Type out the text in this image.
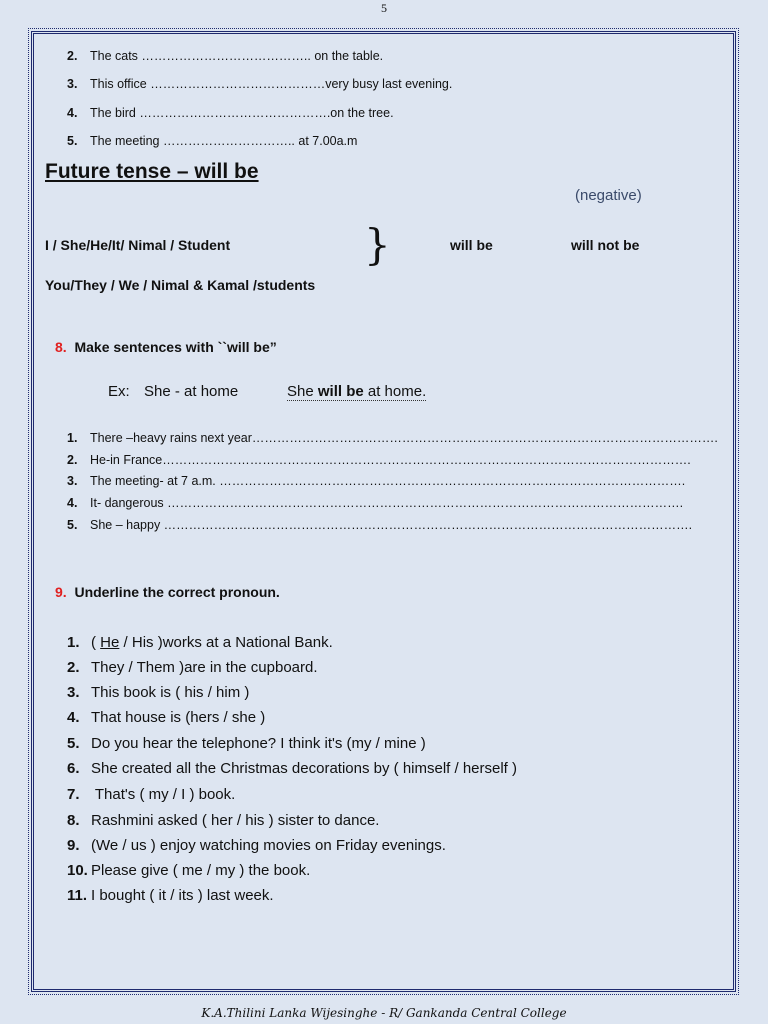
5
2. The cats ………………………………….. on the table.
3. This office ……………………………………very busy last evening.
4. The bird ……………………………………….on the tree.
5. The meeting ………………………….. at 7.00a.m
Future tense – will be
(negative)
I / She/He/It/ Nimal / Student	}	will be	will not be
You/They / We / Nimal & Kamal /students
8. Make sentences with ``will be”
Ex: She - at home	She will be at home.
1. There –heavy rains next year………………………………………………………………………………………………….
2. He-in France……………………………………………………………………………………………………………….
3. The meeting- at 7 a.m. ………………………………………………………………………………………………….
4. It- dangerous …………………………………………………………………………………………………………….
5. She – happy ……………………………………………………………………………………………………………….
9. Underline the correct pronoun.
1. ( He / His )works at a National Bank.
2. They / Them )are in the cupboard.
3. This book is ( his / him )
4. That house is (hers / she )
5. Do you hear the telephone? I think it's (my / mine )
6. She created all the Christmas decorations by ( himself / herself )
7. That's ( my / I ) book.
8. Rashmini asked ( her / his ) sister to dance.
9. (We / us ) enjoy watching movies on Friday evenings.
10. Please give ( me / my ) the book.
11. I bought ( it / its ) last week.
K.A.Thilini Lanka Wijesinghe - R/ Gankanda Central College
